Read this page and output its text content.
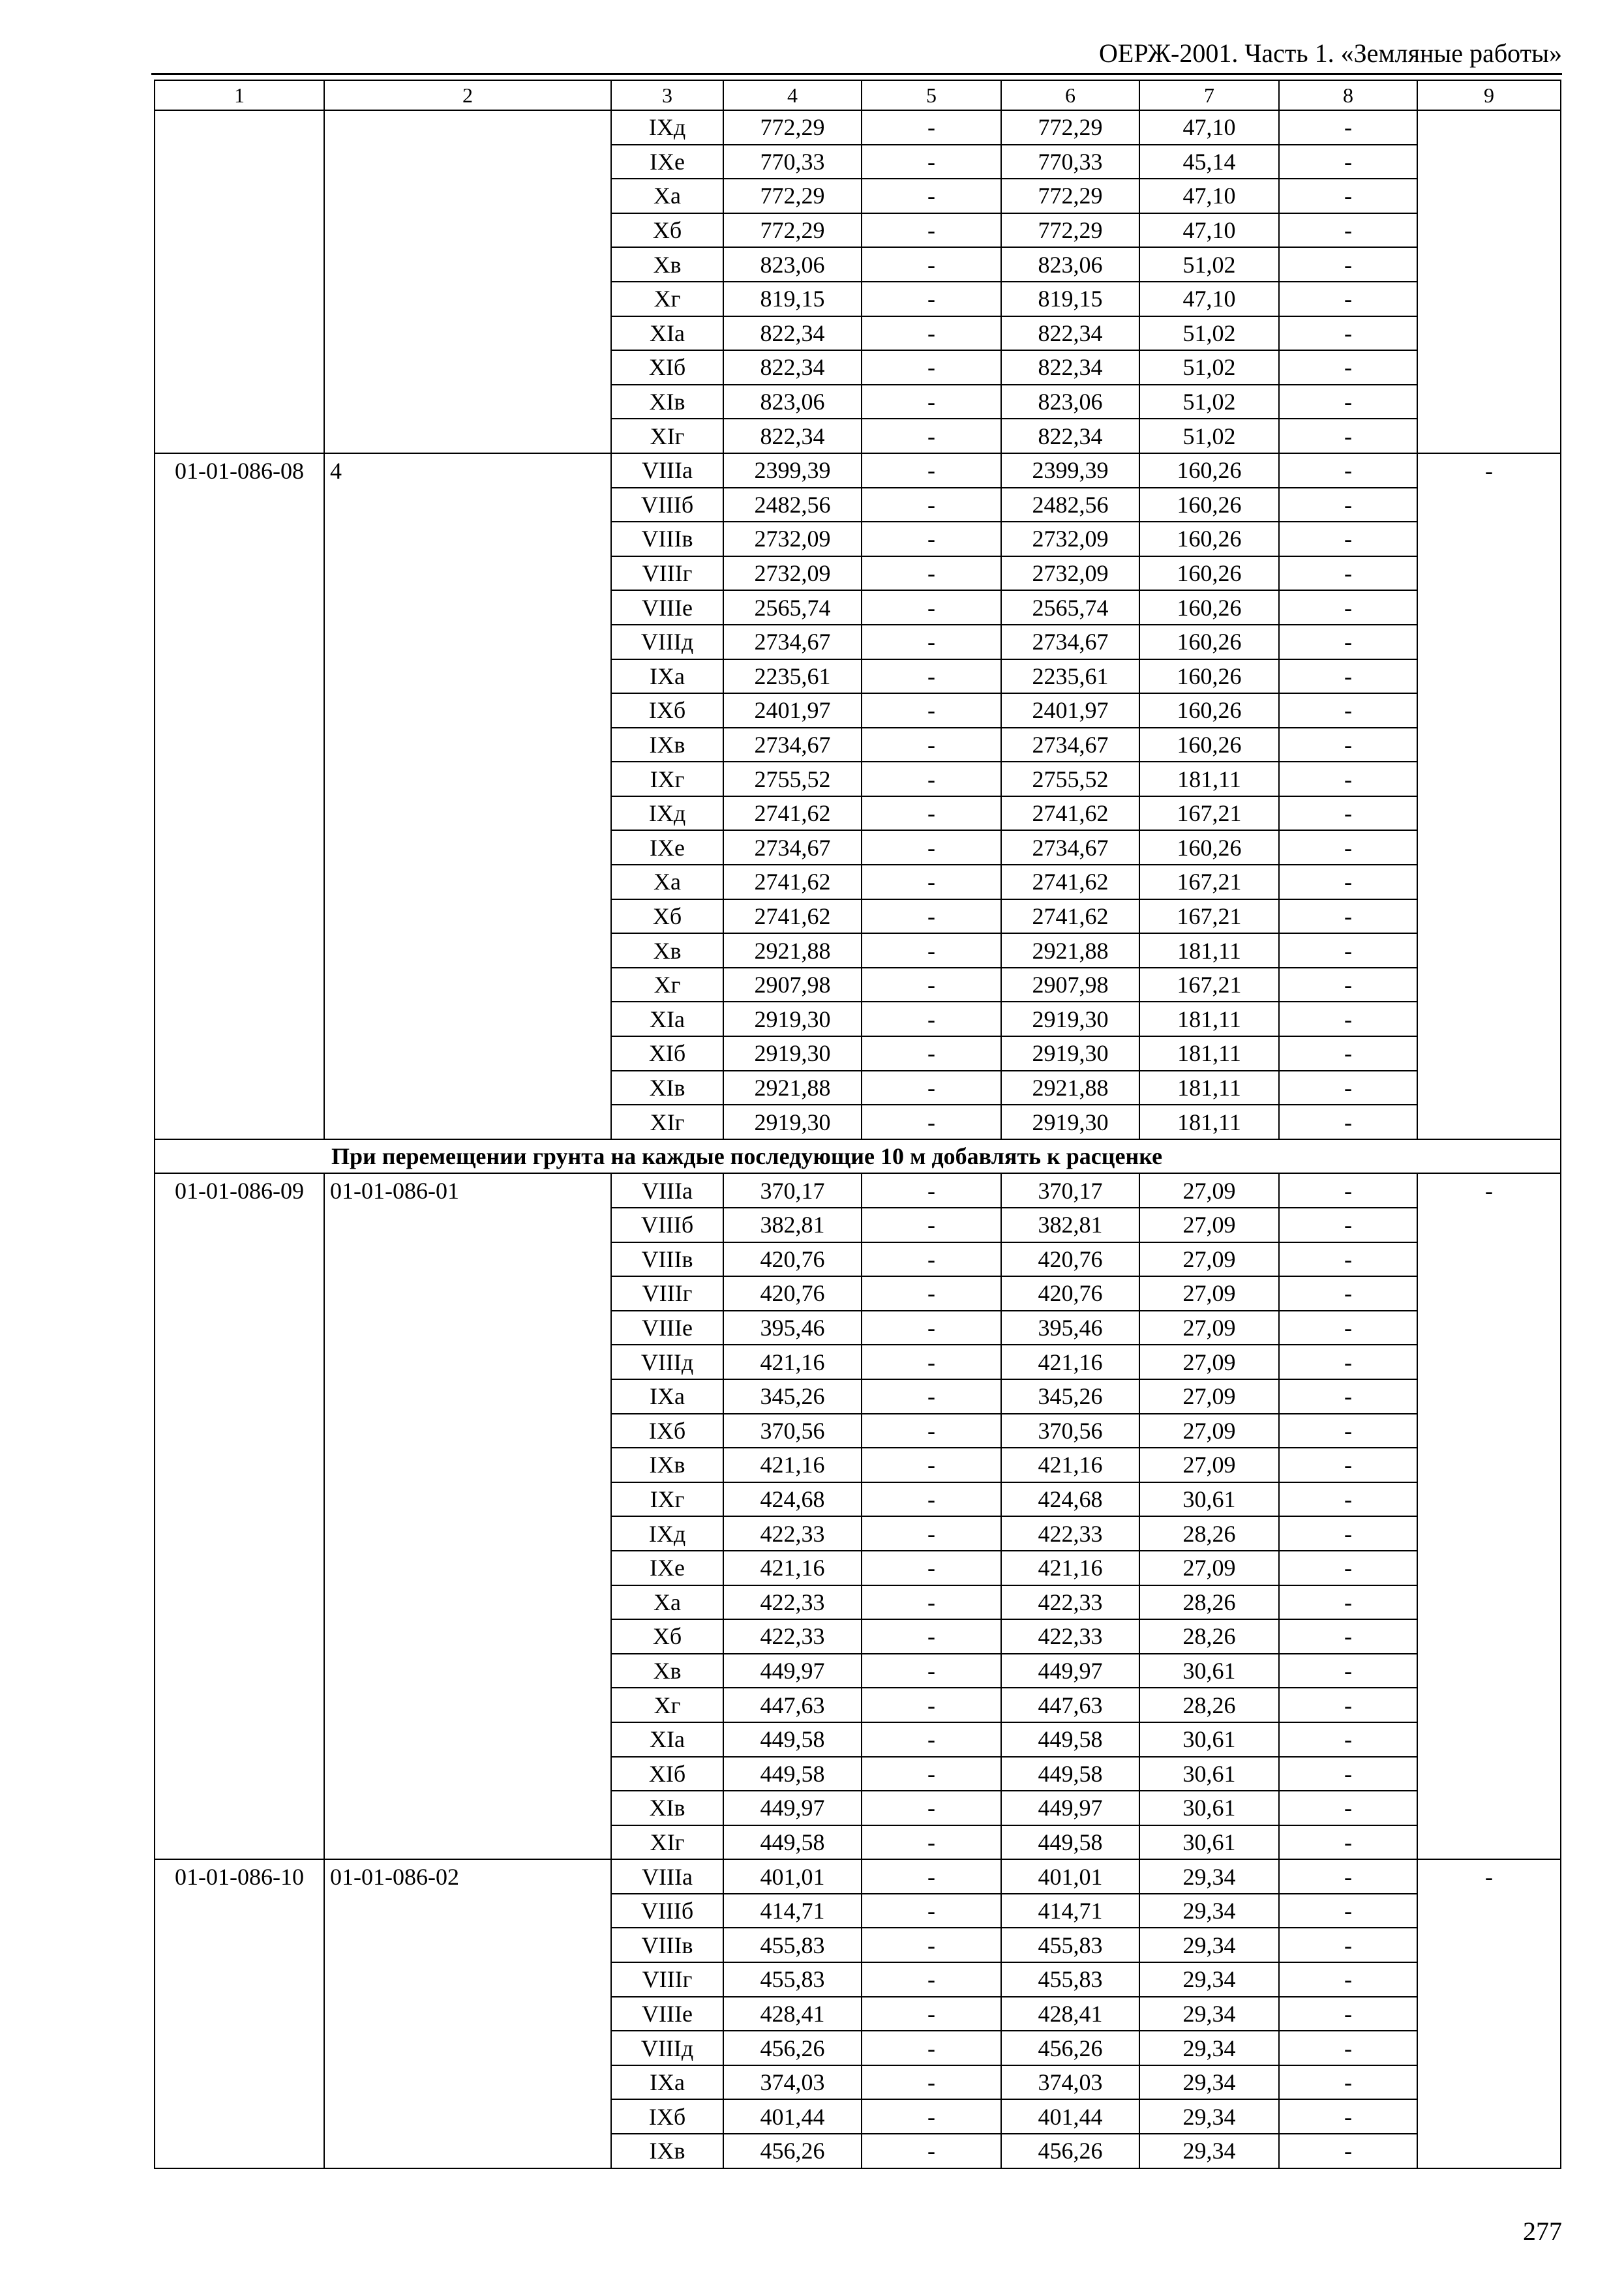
ОЕРЖ-2001. Часть 1. «Земляные работы»
1	2	3	4	5	6	7	8	9
		IXд	772,29	-	772,29	47,10	-	
		IXе	770,33	-	770,33	45,14	-	
		Xа	772,29	-	772,29	47,10	-	
		Xб	772,29	-	772,29	47,10	-	
		Xв	823,06	-	823,06	51,02	-	
		Xг	819,15	-	819,15	47,10	-	
		XIа	822,34	-	822,34	51,02	-	
		XIб	822,34	-	822,34	51,02	-	
		XIв	823,06	-	823,06	51,02	-	
		XIг	822,34	-	822,34	51,02	-	
01-01-086-08	4	VIIIа	2399,39	-	2399,39	160,26	-	-
		VIIIб	2482,56	-	2482,56	160,26	-	
		VIIIв	2732,09	-	2732,09	160,26	-	
		VIIIг	2732,09	-	2732,09	160,26	-	
		VIIIе	2565,74	-	2565,74	160,26	-	
		VIIIд	2734,67	-	2734,67	160,26	-	
		IXа	2235,61	-	2235,61	160,26	-	
		IXб	2401,97	-	2401,97	160,26	-	
		IXв	2734,67	-	2734,67	160,26	-	
		IXг	2755,52	-	2755,52	181,11	-	
		IXд	2741,62	-	2741,62	167,21	-	
		IXе	2734,67	-	2734,67	160,26	-	
		Xа	2741,62	-	2741,62	167,21	-	
		Xб	2741,62	-	2741,62	167,21	-	
		Xв	2921,88	-	2921,88	181,11	-	
		Xг	2907,98	-	2907,98	167,21	-	
		XIа	2919,30	-	2919,30	181,11	-	
		XIб	2919,30	-	2919,30	181,11	-	
		XIв	2921,88	-	2921,88	181,11	-	
		XIг	2919,30	-	2919,30	181,11	-	
При перемещении грунта на каждые последующие 10 м добавлять к расценке								
01-01-086-09	01-01-086-01	VIIIа	370,17	-	370,17	27,09	-	-
		VIIIб	382,81	-	382,81	27,09	-	
		VIIIв	420,76	-	420,76	27,09	-	
		VIIIг	420,76	-	420,76	27,09	-	
		VIIIе	395,46	-	395,46	27,09	-	
		VIIIд	421,16	-	421,16	27,09	-	
		IXа	345,26	-	345,26	27,09	-	
		IXб	370,56	-	370,56	27,09	-	
		IXв	421,16	-	421,16	27,09	-	
		IXг	424,68	-	424,68	30,61	-	
		IXд	422,33	-	422,33	28,26	-	
		IXе	421,16	-	421,16	27,09	-	
		Xа	422,33	-	422,33	28,26	-	
		Xб	422,33	-	422,33	28,26	-	
		Xв	449,97	-	449,97	30,61	-	
		Xг	447,63	-	447,63	28,26	-	
		XIа	449,58	-	449,58	30,61	-	
		XIб	449,58	-	449,58	30,61	-	
		XIв	449,97	-	449,97	30,61	-	
		XIг	449,58	-	449,58	30,61	-	
01-01-086-10	01-01-086-02	VIIIа	401,01	-	401,01	29,34	-	-
		VIIIб	414,71	-	414,71	29,34	-	
		VIIIв	455,83	-	455,83	29,34	-	
		VIIIг	455,83	-	455,83	29,34	-	
		VIIIе	428,41	-	428,41	29,34	-	
		VIIIд	456,26	-	456,26	29,34	-	
		IXа	374,03	-	374,03	29,34	-	
		IXб	401,44	-	401,44	29,34	-	
		IXв	456,26	-	456,26	29,34	-	
277
